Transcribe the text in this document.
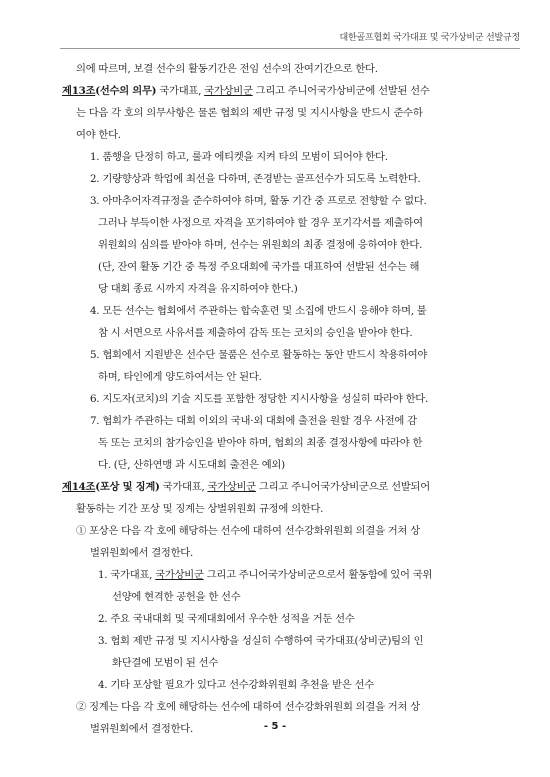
대한골프협회 국가대표 및 국가상비군 선발규정
의에 따르며, 보결 선수의 활동기간은 전임 선수의 잔여기간으로 한다.
제13조(선수의 의무) 국가대표, 국가상비군 그리고 주니어국가상비군에 선발된 선수
는 다음 각 호의 의무사항은 물론 협회의 제반 규정 및 지시사항을 반드시 준수하
여야 한다.
1. 품행을 단정히 하고, 룰과 에티켓을 지켜 타의 모범이 되어야 한다.
2. 기량향상과 학업에 최선을 다하며, 존경받는 골프선수가 되도록 노력한다.
3. 아마추어자격규정을 준수하여야 하며, 활동 기간 중 프로로 전향할 수 없다.
그러나 부득이한 사정으로 자격을 포기하여야 할 경우 포기각서를 제출하여
위원회의 심의를 받아야 하며, 선수는 위원회의 최종 결정에 응하여야 한다.
(단, 잔여 활동 기간 중 특정 주요대회에 국가를 대표하여 선발된 선수는 해
당 대회 종료 시까지 자격을 유지하여야 한다.)
4. 모든 선수는 협회에서 주관하는 합숙훈련 및 소집에 반드시 응해야 하며, 불
참 시 서면으로 사유서를 제출하여 감독 또는 코치의 승인을 받아야 한다.
5. 협회에서 지원받은 선수단 물품은 선수로 활동하는 동안 반드시 착용하여야
하며, 타인에게 양도하여서는 안 된다.
6. 지도자(코치)의 기술 지도를 포함한 정당한 지시사항을 성실히 따라야 한다.
7. 협회가 주관하는 대회 이외의 국내·외 대회에 출전을 원할 경우 사전에 감
독 또는 코치의 참가승인을 받아야 하며, 협회의 최종 결정사항에 따라야 한
다. (단, 산하연맹 과 시도대회 출전은 예외)
제14조(포상 및 징계) 국가대표, 국가상비군 그리고 주니어국가상비군으로 선발되어
활동하는 기간 포상 및 징계는 상벌위원회 규정에 의한다.
① 포상은 다음 각 호에 해당하는 선수에 대하여 선수강화위원회 의결을 거쳐 상
벌위원회에서 결정한다.
1. 국가대표, 국가상비군 그리고 주니어국가상비군으로서 활동함에 있어 국위
선양에 현격한 공헌을 한 선수
2. 주요 국내대회 및 국제대회에서 우수한 성적을 거둔 선수
3. 협회 제반 규정 및 지시사항을 성실히 수행하여 국가대표(상비군)팀의 인
화단결에 모범이 된 선수
4. 기타 포상할 필요가 있다고 선수강화위원회 추천을 받은 선수
② 징계는 다음 각 호에 해당하는 선수에 대하여 선수강화위원회 의결을 거쳐 상
벌위원회에서 결정한다.	- 5 -
